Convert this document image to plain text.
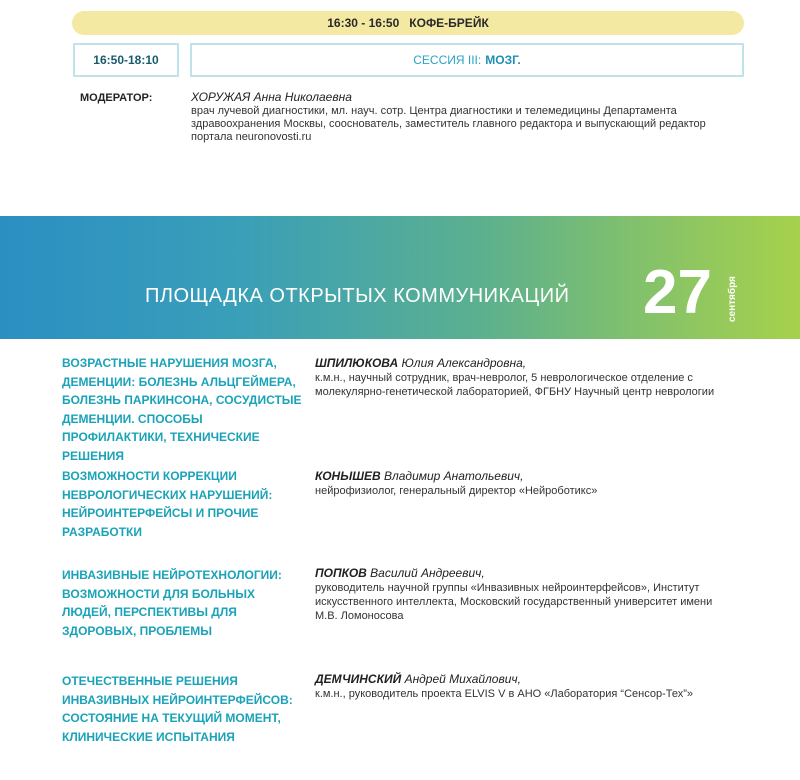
16:30 - 16:50 КОФЕ-БРЕЙК
16:50-18:10	СЕССИЯ III: МОЗГ.
МОДЕРАТОР:	ХОРУЖАЯ Анна Николаевна
врач лучевой диагностики, мл. науч. сотр. Центра диагностики и телемедицины Департамента здравоохранения Москвы, сооснователь, заместитель главного редактора и выпускающий редактор портала neuronovosti.ru
ПЛОЩАДКА ОТКРЫТЫХ КОММУНИКАЦИЙ 27 сентября
ВОЗРАСТНЫЕ НАРУШЕНИЯ МОЗГА, ДЕМЕНЦИИ: БОЛЕЗНЬ АЛЬЦГЕЙМЕРА, БОЛЕЗНЬ ПАРКИНСОНА, СОСУДИСТЫЕ ДЕМЕНЦИИ. СПОСОБЫ ПРОФИЛАКТИКИ, ТЕХНИЧЕСКИЕ РЕШЕНИЯ
ШПИЛЮКОВА Юлия Александровна,
к.м.н., научный сотрудник, врач-невролог, 5 неврологическое отделение с молекулярно-генетической лабораторией, ФГБНУ Научный центр неврологии
ВОЗМОЖНОСТИ КОРРЕКЦИИ НЕВРОЛОГИЧЕСКИХ НАРУШЕНИЙ: НЕЙРОИНТЕРФЕЙСЫ И ПРОЧИЕ РАЗРАБОТКИ
КОНЫШЕВ Владимир Анатольевич,
нейрофизиолог, генеральный директор «Нейроботикс»
ИНВАЗИВНЫЕ НЕЙРОТЕХНОЛОГИИ: ВОЗМОЖНОСТИ ДЛЯ БОЛЬНЫХ ЛЮДЕЙ, ПЕРСПЕКТИВЫ ДЛЯ ЗДОРОВЫХ, ПРОБЛЕМЫ
ПОПКОВ Василий Андреевич,
руководитель научной группы «Инвазивных нейроинтерфейсов», Институт искусственного интеллекта, Московский государственный университет имени М.В. Ломоносова
ОТЕЧЕСТВЕННЫЕ РЕШЕНИЯ ИНВАЗИВНЫХ НЕЙРОИНТЕРФЕЙСОВ: СОСТОЯНИЕ НА ТЕКУЩИЙ МОМЕНТ, КЛИНИЧЕСКИЕ ИСПЫТАНИЯ
ДЕМЧИНСКИЙ Андрей Михайлович,
к.м.н., руководитель проекта ELVIS V в АНО «Лаборатория “Сенсор-Тех”»
